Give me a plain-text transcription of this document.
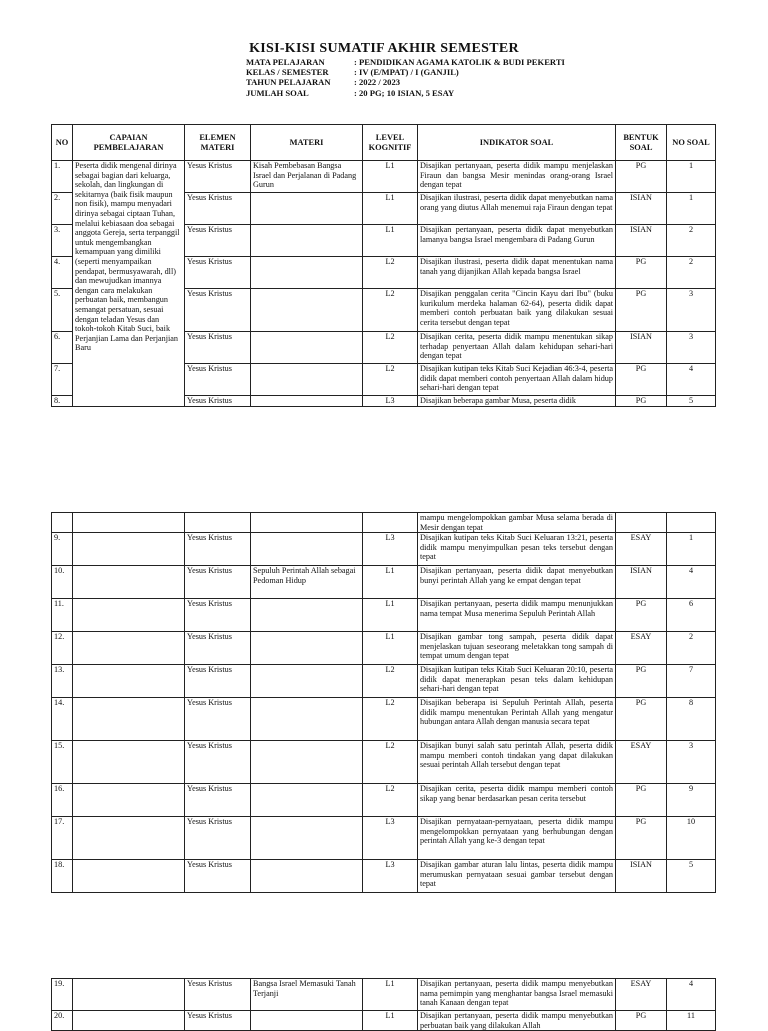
KISI-KISI SUMATIF AKHIR SEMESTER
MATA PELAJARAN	: PENDIDIKAN AGAMA KATOLIK & BUDI PEKERTI
KELAS / SEMESTER	: IV (E/MPAT) / I (GANJIL)
TAHUN PELAJARAN	: 2022 / 2023
JUMLAH SOAL	: 20 PG; 10 ISIAN, 5 ESAY
NO	CAPAIAN PEMBELAJARAN	ELEMEN MATERI	MATERI	LEVEL KOGNITIF	INDIKATOR SOAL	BENTUK SOAL	NO SOAL
1.	Peserta didik mengenal dirinya sebagai bagian dari keluarga, sekolah, dan lingkungan di sekitarnya (baik fisik maupun non fisik), mampu menyadari dirinya sebagai ciptaan Tuhan, melalui kebiasaan doa sebagai anggota Gereja, serta terpanggil untuk mengembangkan kemampuan yang dimiliki (seperti menyampaikan pendapat, bermusyawarah, dll) dan mewujudkan imannya dengan cara melakukan perbuatan baik, membangun semangat persatuan, sesuai dengan teladan Yesus dan tokoh-tokoh Kitab Suci, baik Perjanjian Lama dan Perjanjian Baru	Yesus Kristus	Kisah Pembebasan Bangsa Israel dan Perjalanan di Padang Gurun	L1	Disajikan pertanyaan, peserta didik mampu menjelaskan Firaun dan bangsa Mesir menindas orang-orang Israel dengan tepat	PG	1
2.		Yesus Kristus		L1	Disajikan ilustrasi, peserta didik dapat menyebutkan nama orang yang diutus Allah menemui raja Firaun dengan tepat	ISIAN	1
3.		Yesus Kristus		L1	Disajikan pertanyaan, peserta didik dapat menyebutkan lamanya bangsa Israel mengembara di Padang Gurun	ISIAN	2
4.		Yesus Kristus		L2	Disajikan ilustrasi, peserta didik dapat menentukan nama tanah yang dijanjikan Allah kepada bangsa Israel	PG	2
5.		Yesus Kristus		L2	Disajikan penggalan cerita "Cincin Kayu dari Ibu" (buku kurikulum merdeka halaman 62-64), peserta didik dapat memberi contoh perbuatan baik yang dilakukan sesuai cerita tersebut dengan tepat	PG	3
6.		Yesus Kristus		L2	Disajikan cerita, peserta didik mampu menentukan sikap terhadap penyertaan Allah dalam kehidupan sehari-hari dengan tepat	ISIAN	3
7.		Yesus Kristus		L2	Disajikan kutipan teks Kitab Suci Kejadian 46:3-4, peserta didik dapat memberi contoh penyertaan Allah dalam hidup sehari-hari dengan tepat	PG	4
8.		Yesus Kristus		L3	Disajikan beberapa gambar Musa, peserta didik	PG	5
					mampu mengelompokkan gambar Musa selama berada di Mesir dengan tepat		
9.		Yesus Kristus		L3	Disajikan kutipan teks Kitab Suci Keluaran 13:21, peserta didik mampu menyimpulkan pesan teks tersebut dengan tepat	ESAY	1
10.		Yesus Kristus	Sepuluh Perintah Allah sebagai Pedoman Hidup	L1	Disajikan pertanyaan, peserta didik dapat menyebutkan bunyi perintah Allah yang ke empat dengan tepat	ISIAN	4
11.		Yesus Kristus		L1	Disajikan pertanyaan, peserta didik mampu menunjukkan nama tempat Musa menerima Sepuluh Perintah Allah	PG	6
12.		Yesus Kristus		L1	Disajikan gambar tong sampah, peserta didik dapat menjelaskan tujuan seseorang meletakkan tong sampah di tempat umum dengan tepat	ESAY	2
13.		Yesus Kristus		L2	Disajikan kutipan teks Kitab Suci Keluaran 20:10, peserta didik dapat menerapkan pesan teks dalam kehidupan sehari-hari dengan tepat	PG	7
14.		Yesus Kristus		L2	Disajikan beberapa isi Sepuluh Perintah Allah, peserta didik mampu menentukan Perintah Allah yang mengatur hubungan antara Allah dengan manusia secara tepat	PG	8
15.		Yesus Kristus		L2	Disajikan bunyi salah satu perintah Allah, peserta didik mampu memberi contoh tindakan yang dapat dilakukan sesuai perintah Allah tersebut dengan tepat	ESAY	3
16.		Yesus Kristus		L2	Disajikan cerita, peserta didik mampu memberi contoh sikap yang benar berdasarkan pesan cerita tersebut	PG	9
17.		Yesus Kristus		L3	Disajikan pernyataan-pernyataan, peserta didik mampu mengelompokkan pernyataan yang berhubungan dengan perintah Allah yang ke-3 dengan tepat	PG	10
18.		Yesus Kristus		L3	Disajikan gambar aturan lalu lintas, peserta didik mampu merumuskan pernyataan sesuai gambar tersebut dengan tepat	ISIAN	5
19.		Yesus Kristus	Bangsa Israel Memasuki Tanah Terjanji	L1	Disajikan pertanyaan, peserta didik mampu menyebutkan nama pemimpin yang menghantar bangsa Israel memasuki tanah Kanaan dengan tepat	ESAY	4
20.		Yesus Kristus		L1	Disajikan pertanyaan, peserta didik mampu menyebutkan perbuatan baik yang dilakukan Allah	PG	11
